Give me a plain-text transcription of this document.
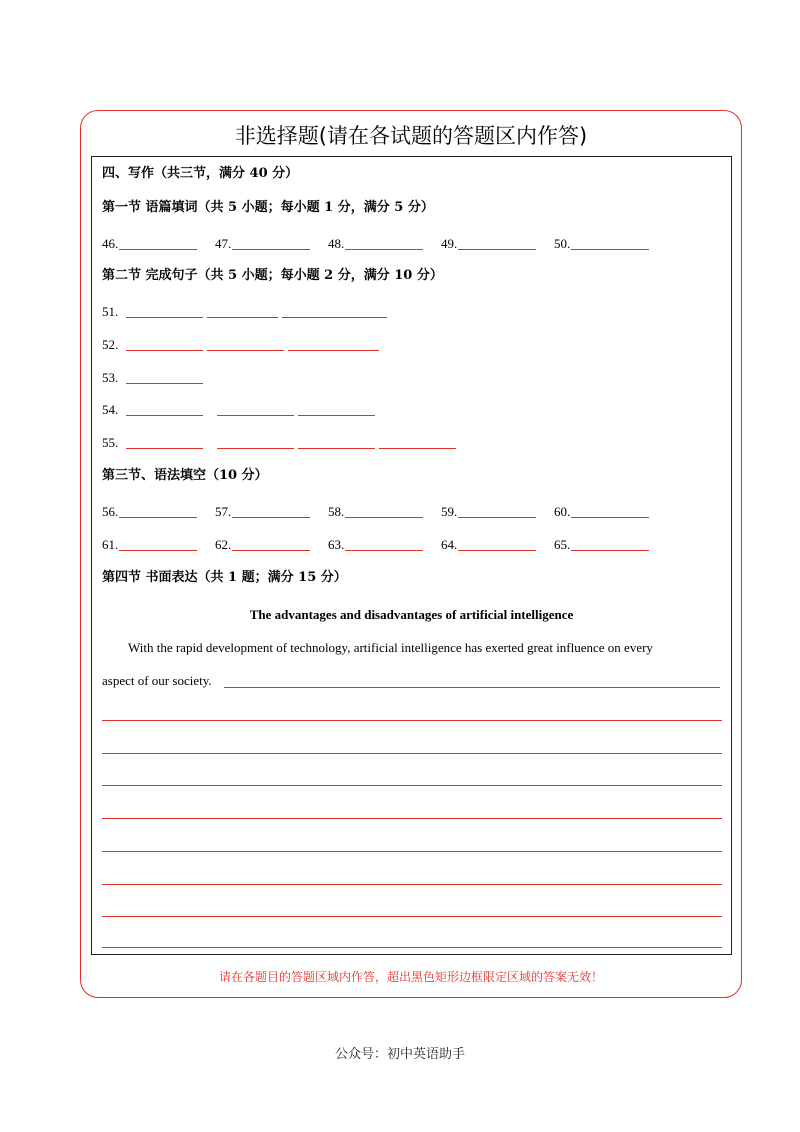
非选择题(请在各试题的答题区内作答)
四、写作（共三节，满分 40 分）
第一节 语篇填词（共 5 小题；每小题 1 分，满分 5 分）
46.	47.	48.	49.	50.
第二节 完成句子（共 5 小题；每小题 2 分，满分 10 分）
51.
52.
53.
54.
55.
第三节、语法填空（10 分）
56.	57.	58.	59.	60.
61.	62.	63.	64.	65.
第四节 书面表达（共 1 题；满分 15 分）
The advantages and disadvantages of artificial intelligence
With the rapid development of technology, artificial intelligence has exerted great influence on every
aspect of our society.
请在各题目的答题区域内作答，超出黑色矩形边框限定区域的答案无效！
公众号：初中英语助手
